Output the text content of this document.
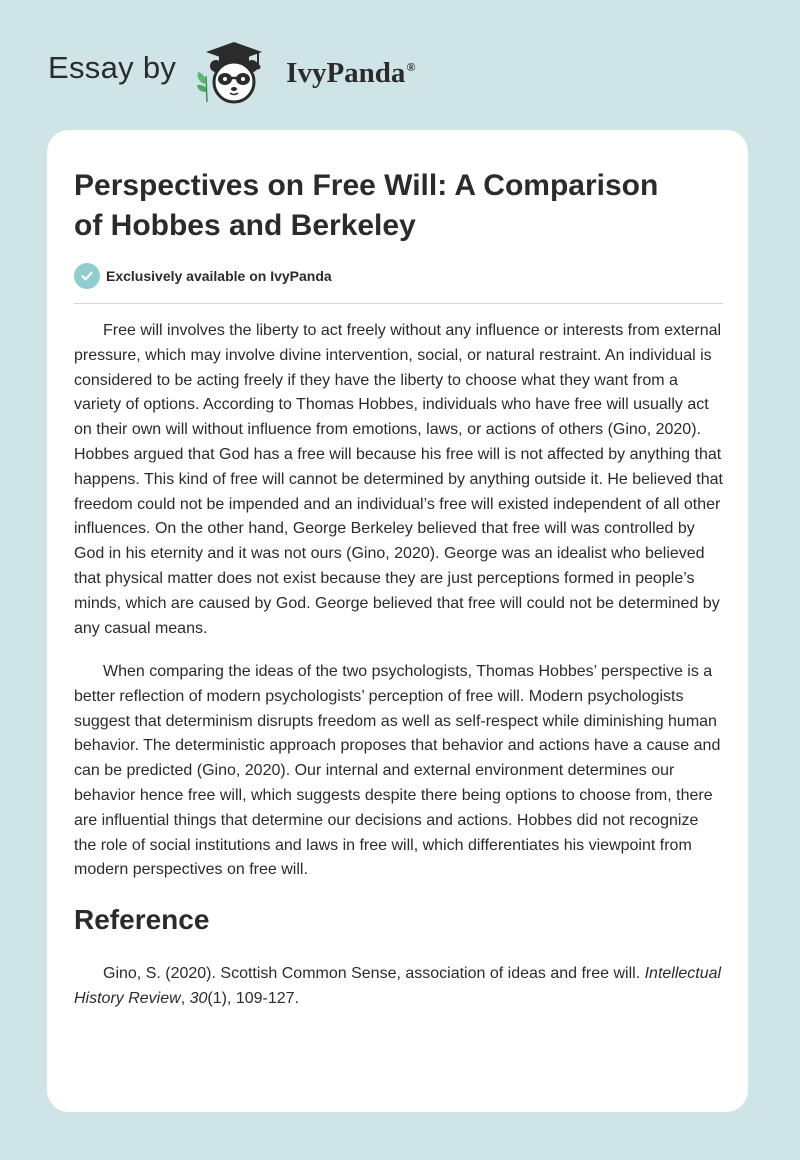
Essay by	IvyPanda®
Perspectives on Free Will: A Comparison of Hobbes and Berkeley
Exclusively available on IvyPanda

Free will involves the liberty to act freely without any influence or interests from external pressure, which may involve divine intervention, social, or natural restraint. An individual is considered to be acting freely if they have the liberty to choose what they want from a variety of options. According to Thomas Hobbes, individuals who have free will usually act on their own will without influence from emotions, laws, or actions of others (Gino, 2020). Hobbes argued that God has a free will because his free will is not affected by anything that happens. This kind of free will cannot be determined by anything outside it. He believed that freedom could not be impended and an individual’s free will existed independent of all other influences. On the other hand, George Berkeley believed that free will was controlled by God in his eternity and it was not ours (Gino, 2020). George was an idealist who believed that physical matter does not exist because they are just perceptions formed in people’s minds, which are caused by God. George believed that free will could not be determined by any casual means.

When comparing the ideas of the two psychologists, Thomas Hobbes’ perspective is a better reflection of modern psychologists’ perception of free will. Modern psychologists suggest that determinism disrupts freedom as well as self-respect while diminishing human behavior. The deterministic approach proposes that behavior and actions have a cause and can be predicted (Gino, 2020). Our internal and external environment determines our behavior hence free will, which suggests despite there being options to choose from, there are influential things that determine our decisions and actions. Hobbes did not recognize the role of social institutions and laws in free will, which differentiates his viewpoint from modern perspectives on free will.

Reference

Gino, S. (2020). Scottish Common Sense, association of ideas and free will. Intellectual History Review, 30(1), 109-127.
